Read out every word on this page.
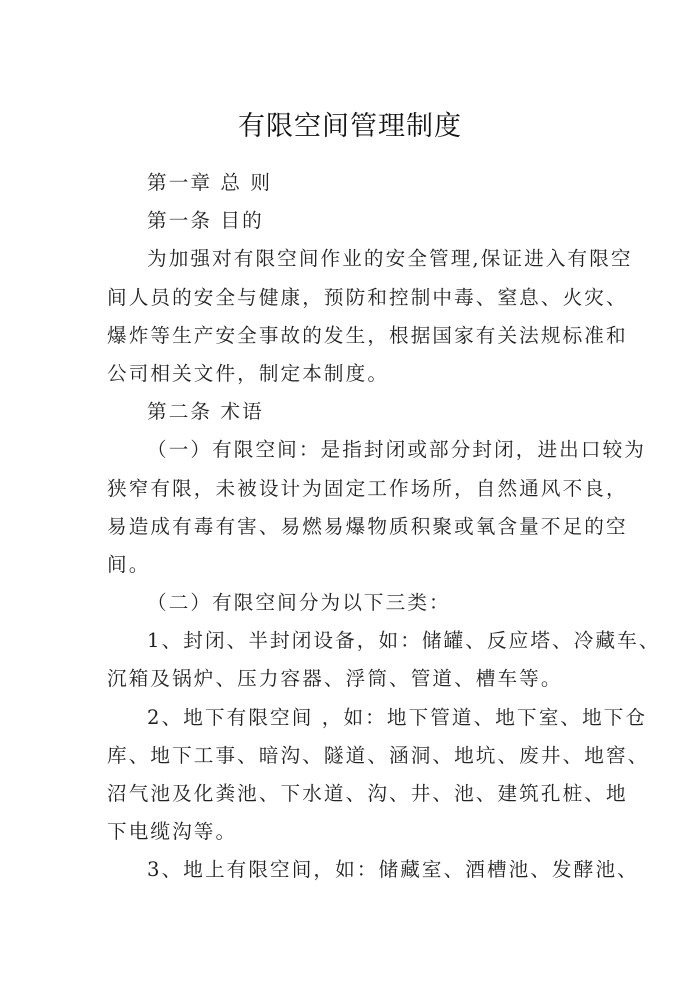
有限空间管理制度
第一章 总 则
第一条 目的
为加强对有限空间作业的安全管理,保证进入有限空
间人员的安全与健康，预防和控制中毒、窒息、火灾、
爆炸等生产安全事故的发生，根据国家有关法规标准和
公司相关文件，制定本制度。
第二条 术语
（一）有限空间：是指封闭或部分封闭，进出口较为
狭窄有限，未被设计为固定工作场所，自然通风不良，
易造成有毒有害、易燃易爆物质积聚或氧含量不足的空
间。
（二）有限空间分为以下三类：
1、封闭、半封闭设备，如：储罐、反应塔、冷藏车、
沉箱及锅炉、压力容器、浮筒、管道、槽车等。
2、地下有限空间 ，如：地下管道、地下室、地下仓
库、地下工事、暗沟、隧道、涵洞、地坑、废井、地窖、
沼气池及化粪池、下水道、沟、井、池、建筑孔桩、地
下电缆沟等。
3、地上有限空间，如：储藏室、酒槽池、发酵池、
